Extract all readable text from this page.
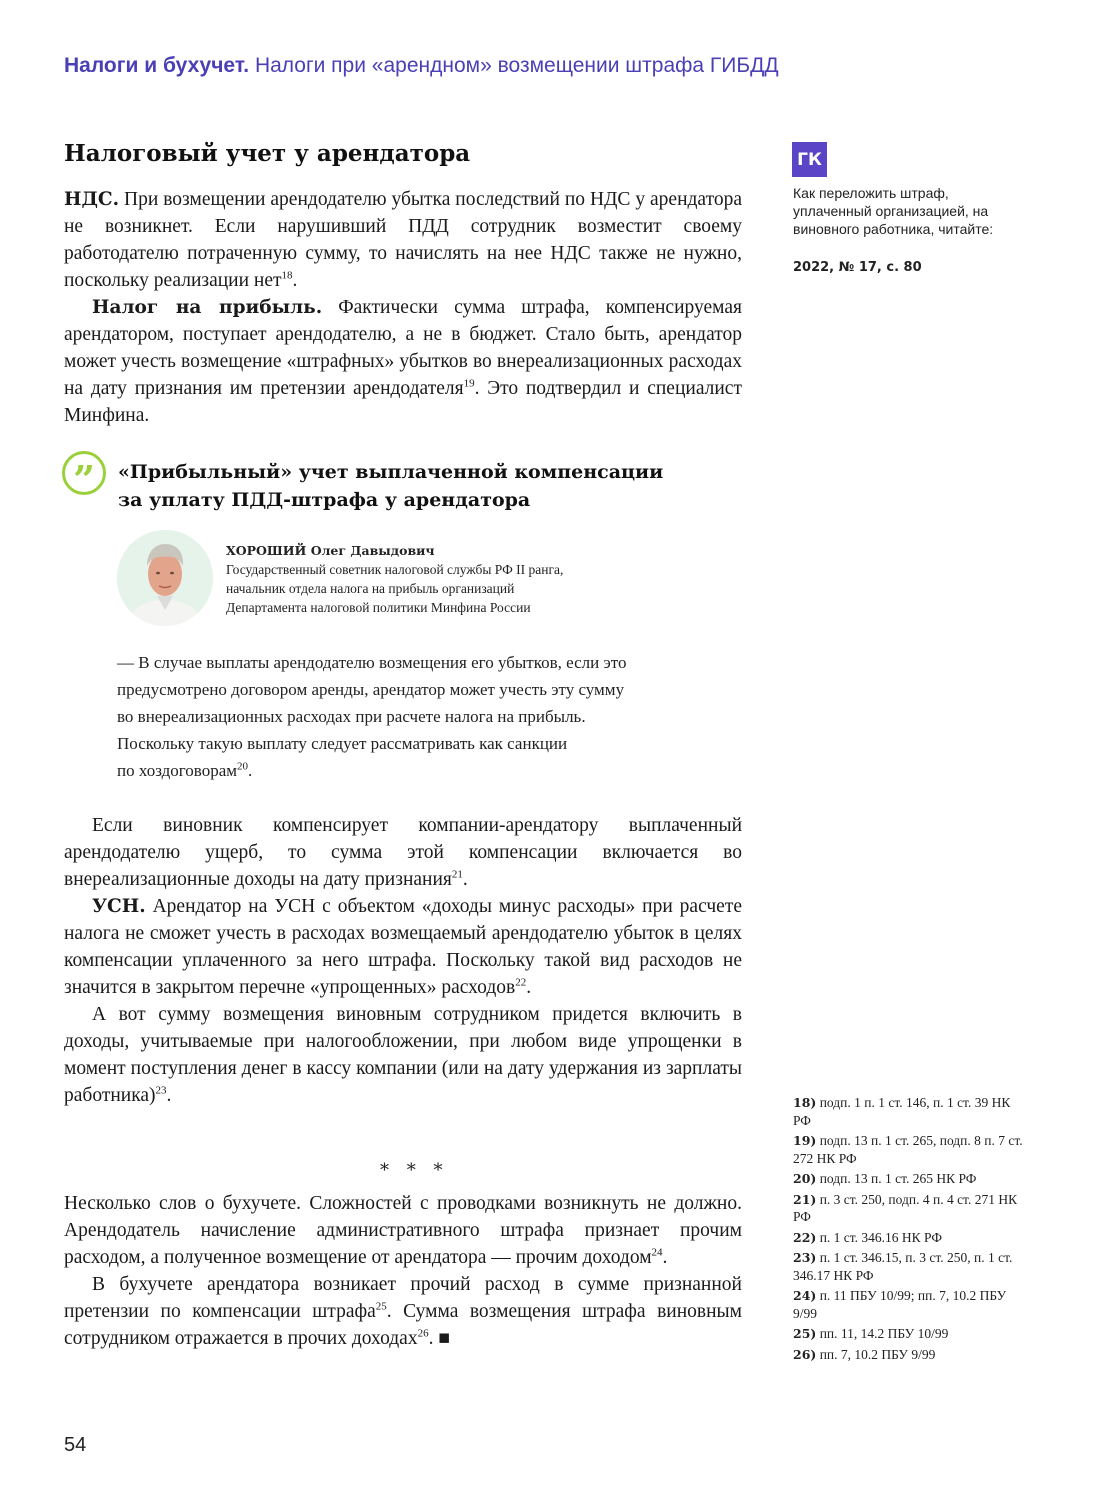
Налоги и бухучет. Налоги при «арендном» возмещении штрафа ГИБДД
Налоговый учет у арендатора

НДС. При возмещении арендодателю убытка последствий по НДС у арендатора не возникнет. Если нарушивший ПДД сотрудник возместит своему работодателю потраченную сумму, то начислять на нее НДС также не нужно, поскольку реализации нет$^{18}$.

Налог на прибыль. Фактически сумма штрафа, компенсируемая арендатором, поступает арендодателю, а не в бюджет. Стало быть, арендатор может учесть возмещение «штрафных» убытков во внереализационных расходах на дату признания им претензии арендодателя$^{19}$. Это подтвердил и специалист Минфина.

ГК
Как переложить штраф, уплаченный организацией, на виновного работника, читайте:
2022, № 17, с. 80
”	«Прибыльный» учет выплаченной компенсации
за уплату ПДД-штрафа у арендатора
ХОРОШИЙ Олег Давыдович
Государственный советник налоговой службы РФ II ранга,
начальник отдела налога на прибыль организаций
Департамента налоговой политики Минфина России

— В случае выплаты арендодателю возмещения его убытков, если это

предусмотрено договором аренды, арендатор может учесть эту сумму

во внереализационных расходах при расчете налога на прибыль.

Поскольку такую выплату следует рассматривать как санкции

по хоздоговорам$^{20}$.

Если виновник компенсирует компании-арендатору выплаченный арендодателю ущерб, то сумма этой компенсации включается во внереализационные доходы на дату признания$^{21}$.

УСН. Арендатор на УСН с объектом «доходы минус расходы» при расчете налога не сможет учесть в расходах возмещаемый арендодателю убыток в целях компенсации уплаченного за него штрафа. Поскольку такой вид расходов не значится в закрытом перечне «упрощенных» расходов$^{22}$.

А вот сумму возмещения виновным сотрудником придется включить в доходы, учитываемые при налогообложении, при любом виде упрощенки в момент поступления денег в кассу компании (или на дату удержания из зарплаты работника)$^{23}$.

* * *

Несколько слов о бухучете. Сложностей с проводками возникнуть не должно. Арендодатель начисление административного штрафа признает прочим расходом, а полученное возмещение от арендатора — прочим доходом$^{24}$.

В бухучете арендатора возникает прочий расход в сумме признанной претензии по компенсации штрафа$^{25}$. Сумма возмещения штрафа виновным сотрудником отражается в прочих доходах$^{26}$. ■

18) подп. 1 п. 1 ст. 146, п. 1 ст. 39 НК РФ
19) подп. 13 п. 1 ст. 265, подп. 8 п. 7 ст. 272 НК РФ
20) подп. 13 п. 1 ст. 265 НК РФ
21) п. 3 ст. 250, подп. 4 п. 4 ст. 271 НК РФ
22) п. 1 ст. 346.16 НК РФ
23) п. 1 ст. 346.15, п. 3 ст. 250, п. 1 ст. 346.17 НК РФ
24) п. 11 ПБУ 10/99; пп. 7, 10.2 ПБУ 9/99
25) пп. 11, 14.2 ПБУ 10/99
26) пп. 7, 10.2 ПБУ 9/99
54
